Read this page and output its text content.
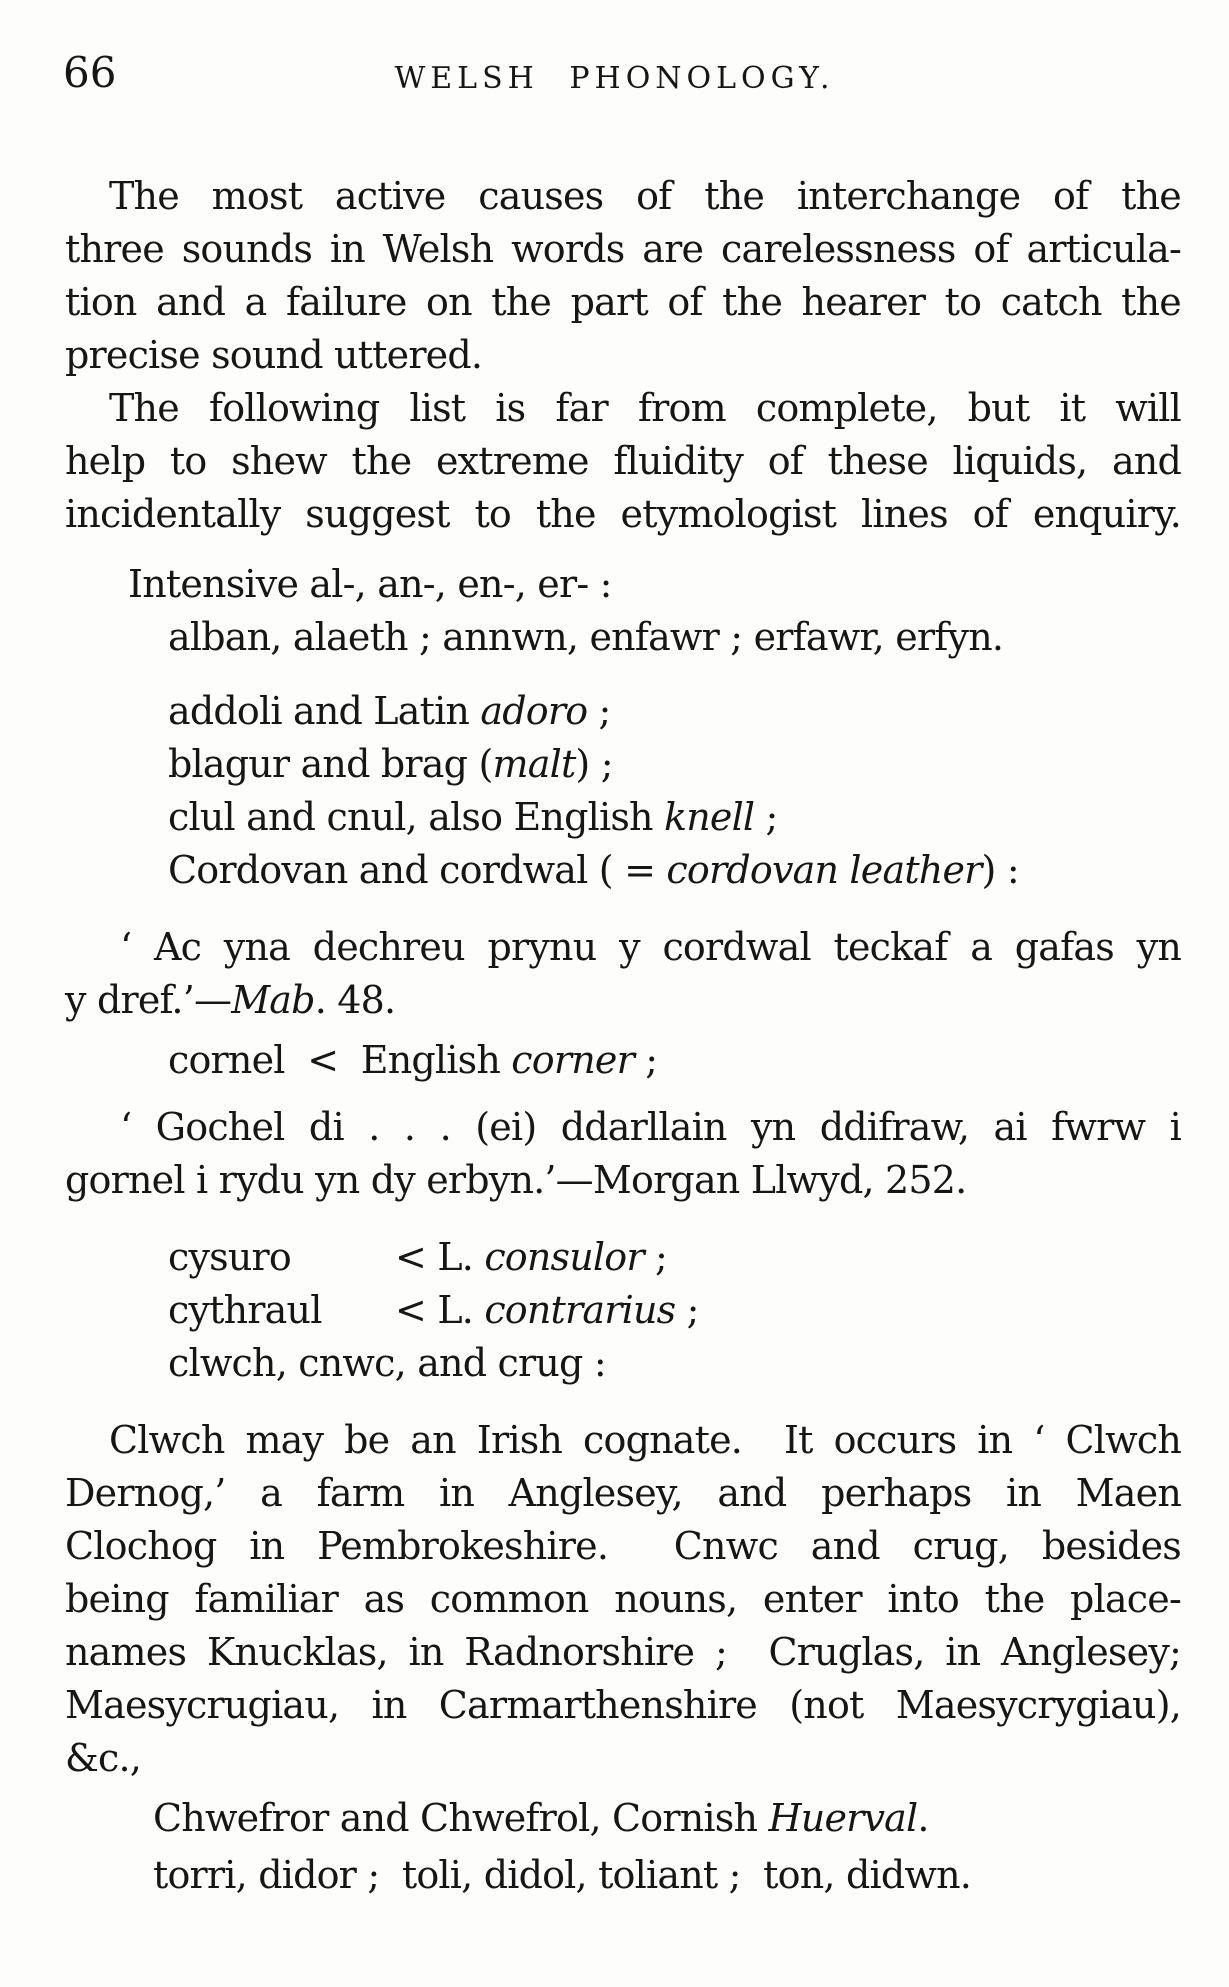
66	WELSH PHONOLOGY.
The most active causes of the interchange of the
three sounds in Welsh words are carelessness of articula-
tion and a failure on the part of the hearer to catch the
precise sound uttered.
The following list is far from complete, but it will
help to shew the extreme fluidity of these liquids, and
incidentally suggest to the etymologist lines of enquiry.
Intensive al-, an-, en-, er- :
alban, alaeth ; annwn, enfawr ; erfawr, erfyn.
addoli and Latin adoro ;
blagur and brag (malt) ;
clul and cnul, also English knell ;
Cordovan and cordwal ( = cordovan leather) :
‘ Ac yna dechreu prynu y cordwal teckaf a gafas yn
y dref.’—Mab. 48.
cornel  <  English corner ;
‘ Gochel di . . . (ei) ddarllain yn ddifraw, ai fwrw i
gornel i rydu yn dy erbyn.’—Morgan Llwyd, 252.
cysuro	< L. consulor ;
cythraul < L. contrarius ;
clwch, cnwc, and crug :
Clwch may be an Irish cognate.  It occurs in ‘ Clwch
Dernog,’ a farm in Anglesey, and perhaps in Maen
Clochog in Pembrokeshire.  Cnwc and crug, besides
being familiar as common nouns, enter into the place-
names Knucklas, in Radnorshire ;  Cruglas, in Anglesey;
Maesycrugiau, in Carmarthenshire (not Maesycrygiau),
&c.,
Chwefror and Chwefrol, Cornish Huerval.
torri, didor ;  toli, didol, toliant ;  ton, didwn.
